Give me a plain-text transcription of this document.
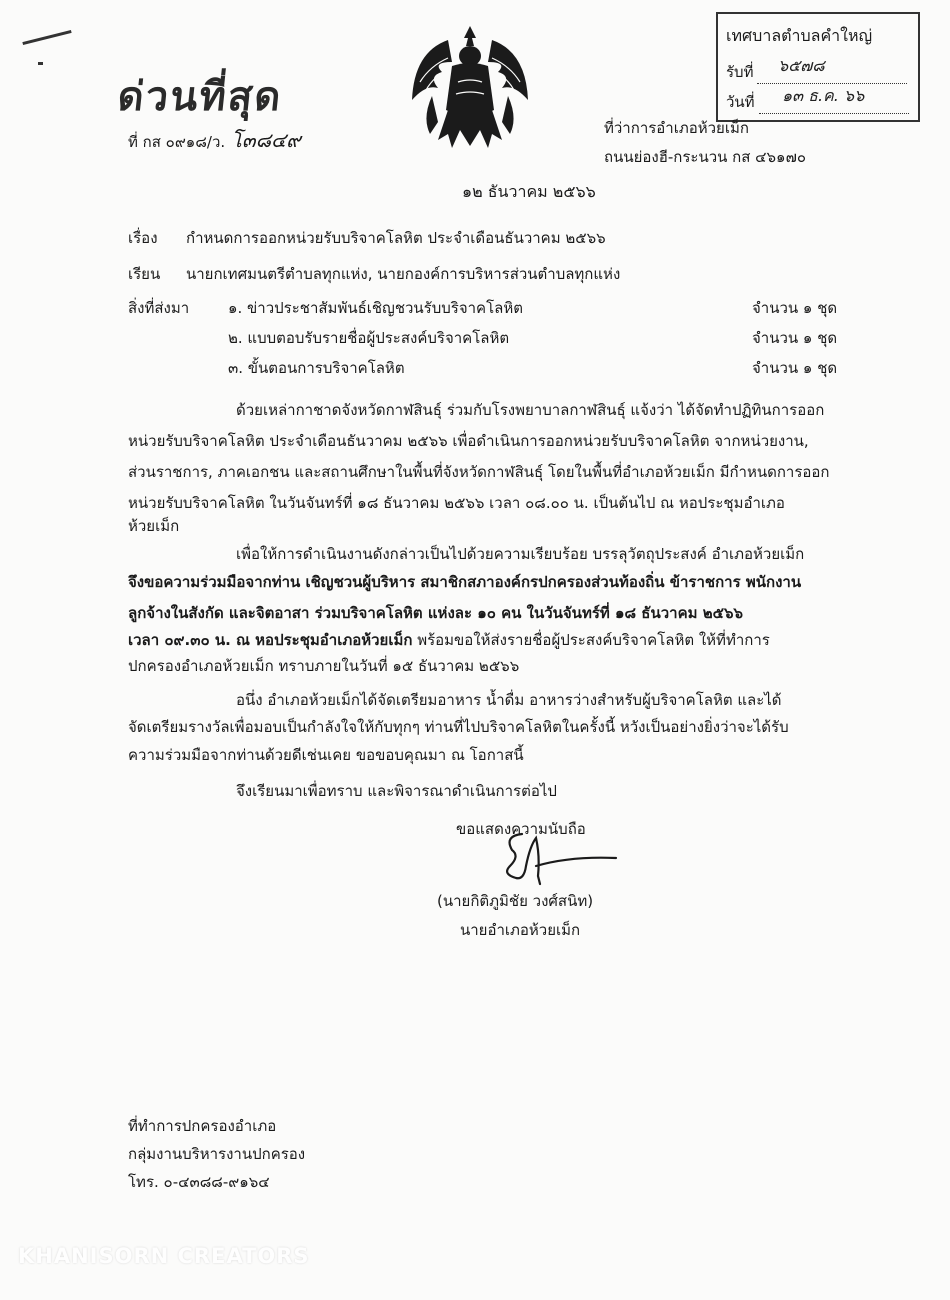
ด่วนที่สุด
ที่ กส ๐๙๑๘/ว. โ๓๘๔๙
เทศบาลตำบลคำใหญ่
รับที่	๖๕๗๘
วันที่	๑๓ ธ.ค. ๖๖
ที่ว่าการอำเภอห้วยเม็ก
ถนนย่องฮี-กระนวน กส ๔๖๑๗๐
๑๒ ธันวาคม ๒๕๖๖
เรื่อง กำหนดการออกหน่วยรับบริจาคโลหิต ประจำเดือนธันวาคม ๒๕๖๖
เรียน นายกเทศมนตรีตำบลทุกแห่ง, นายกองค์การบริหารส่วนตำบลทุกแห่ง
สิ่งที่ส่งมา	๑. ข่าวประชาสัมพันธ์เชิญชวนรับบริจาคโลหิต	จำนวน ๑ ชุด
๒. แบบตอบรับรายชื่อผู้ประสงค์บริจาคโลหิต	จำนวน ๑ ชุด
๓. ขั้นตอนการบริจาคโลหิต	จำนวน ๑ ชุด
ด้วยเหล่ากาชาดจังหวัดกาฬสินธุ์ ร่วมกับโรงพยาบาลกาฬสินธุ์ แจ้งว่า ได้จัดทำปฏิทินการออก
หน่วยรับบริจาคโลหิต ประจำเดือนธันวาคม ๒๕๖๖ เพื่อดำเนินการออกหน่วยรับบริจาคโลหิต จากหน่วยงาน,
ส่วนราชการ, ภาคเอกชน และสถานศึกษาในพื้นที่จังหวัดกาฬสินธุ์ โดยในพื้นที่อำเภอห้วยเม็ก มีกำหนดการออก
หน่วยรับบริจาคโลหิต ในวันจันทร์ที่ ๑๘ ธันวาคม ๒๕๖๖ เวลา ๐๘.๐๐ น. เป็นต้นไป ณ หอประชุมอำเภอ
ห้วยเม็ก
เพื่อให้การดำเนินงานดังกล่าวเป็นไปด้วยความเรียบร้อย บรรลุวัตถุประสงค์ อำเภอห้วยเม็ก
จึงขอความร่วมมือจากท่าน เชิญชวนผู้บริหาร สมาชิกสภาองค์กรปกครองส่วนท้องถิ่น ข้าราชการ พนักงาน
ลูกจ้างในสังกัด และจิตอาสา ร่วมบริจาคโลหิต แห่งละ ๑๐ คน ในวันจันทร์ที่ ๑๘ ธันวาคม ๒๕๖๖
เวลา ๐๙.๓๐ น. ณ หอประชุมอำเภอห้วยเม็ก พร้อมขอให้ส่งรายชื่อผู้ประสงค์บริจาคโลหิต ให้ที่ทำการ
ปกครองอำเภอห้วยเม็ก ทราบภายในวันที่ ๑๕ ธันวาคม ๒๕๖๖
อนึ่ง อำเภอห้วยเม็กได้จัดเตรียมอาหาร น้ำดื่ม อาหารว่างสำหรับผู้บริจาคโลหิต และได้
จัดเตรียมรางวัลเพื่อมอบเป็นกำลังใจให้กับทุกๆ ท่านที่ไปบริจาคโลหิตในครั้งนี้ หวังเป็นอย่างยิ่งว่าจะได้รับ
ความร่วมมือจากท่านด้วยดีเช่นเคย ขอขอบคุณมา ณ โอกาสนี้
จึงเรียนมาเพื่อทราบ และพิจารณาดำเนินการต่อไป
ขอแสดงความนับถือ
(นายกิติภูมิชัย วงศ์สนิท)
นายอำเภอห้วยเม็ก
ที่ทำการปกครองอำเภอ
กลุ่มงานบริหารงานปกครอง
โทร. ๐-๔๓๘๘-๙๑๖๔
KHANISORN CREATORS
